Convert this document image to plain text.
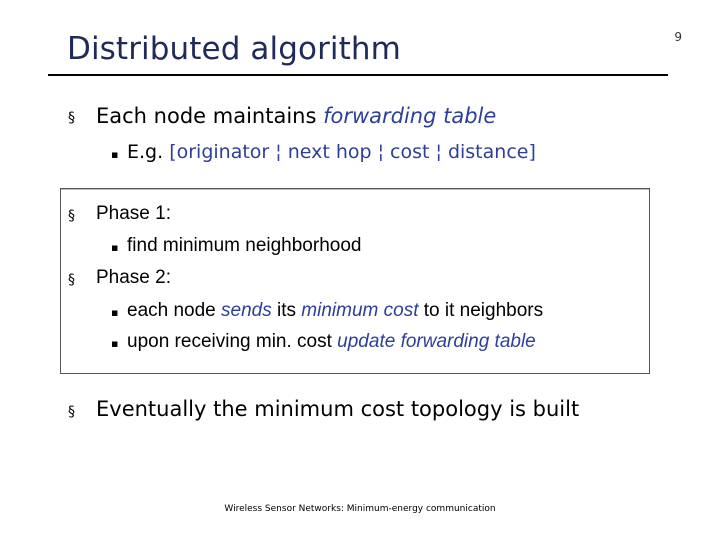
9
Distributed algorithm
§ Each node maintains forwarding table
▪ E.g. [originator ¦ next hop ¦ cost ¦ distance]
§ Phase 1:
▪ find minimum neighborhood
§ Phase 2:
▪ each node sends its minimum cost to it neighbors
▪ upon receiving min. cost update forwarding table
§ Eventually the minimum cost topology is built
Wireless Sensor Networks: Minimum-energy communication
